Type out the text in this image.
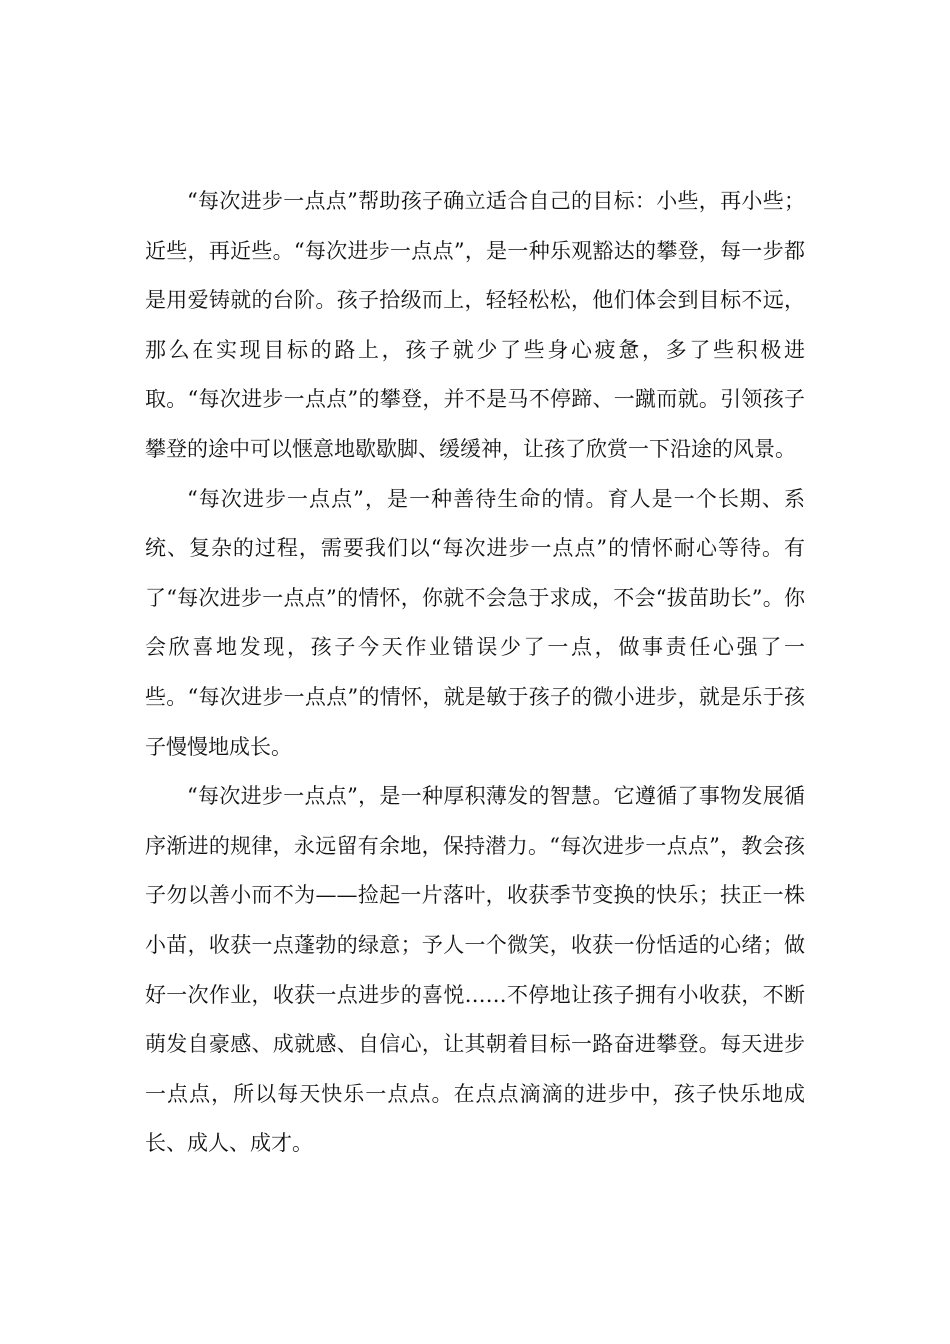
“每次进步一点点”帮助孩子确立适合自己的目标：小些，再小些；近些，再近些。“每次进步一点点”，是一种乐观豁达的攀登，每一步都是用爱铸就的台阶。孩子拾级而上，轻轻松松，他们体会到目标不远，那么在实现目标的路上，孩子就少了些身心疲惫，多了些积极进取。“每次进步一点点”的攀登，并不是马不停蹄、一蹴而就。引领孩子攀登的途中可以惬意地歇歇脚、缓缓神，让孩了欣赏一下沿途的风景。

“每次进步一点点”，是一种善待生命的情。育人是一个长期、系统、复杂的过程，需要我们以“每次进步一点点”的情怀耐心等待。有了“每次进步一点点”的情怀，你就不会急于求成，不会“拔苗助长”。你会欣喜地发现，孩子今天作业错误少了一点，做事责任心强了一些。“每次进步一点点”的情怀，就是敏于孩子的微小进步，就是乐于孩子慢慢地成长。

“每次进步一点点”，是一种厚积薄发的智慧。它遵循了事物发展循序渐进的规律，永远留有余地，保持潜力。“每次进步一点点”，教会孩子勿以善小而不为——捡起一片落叶，收获季节变换的快乐；扶正一株小苗，收获一点蓬勃的绿意；予人一个微笑，收获一份恬适的心绪；做好一次作业，收获一点进步的喜悦……不停地让孩子拥有小收获，不断萌发自豪感、成就感、自信心，让其朝着目标一路奋进攀登。每天进步一点点，所以每天快乐一点点。在点点滴滴的进步中，孩子快乐地成长、成人、成才。
